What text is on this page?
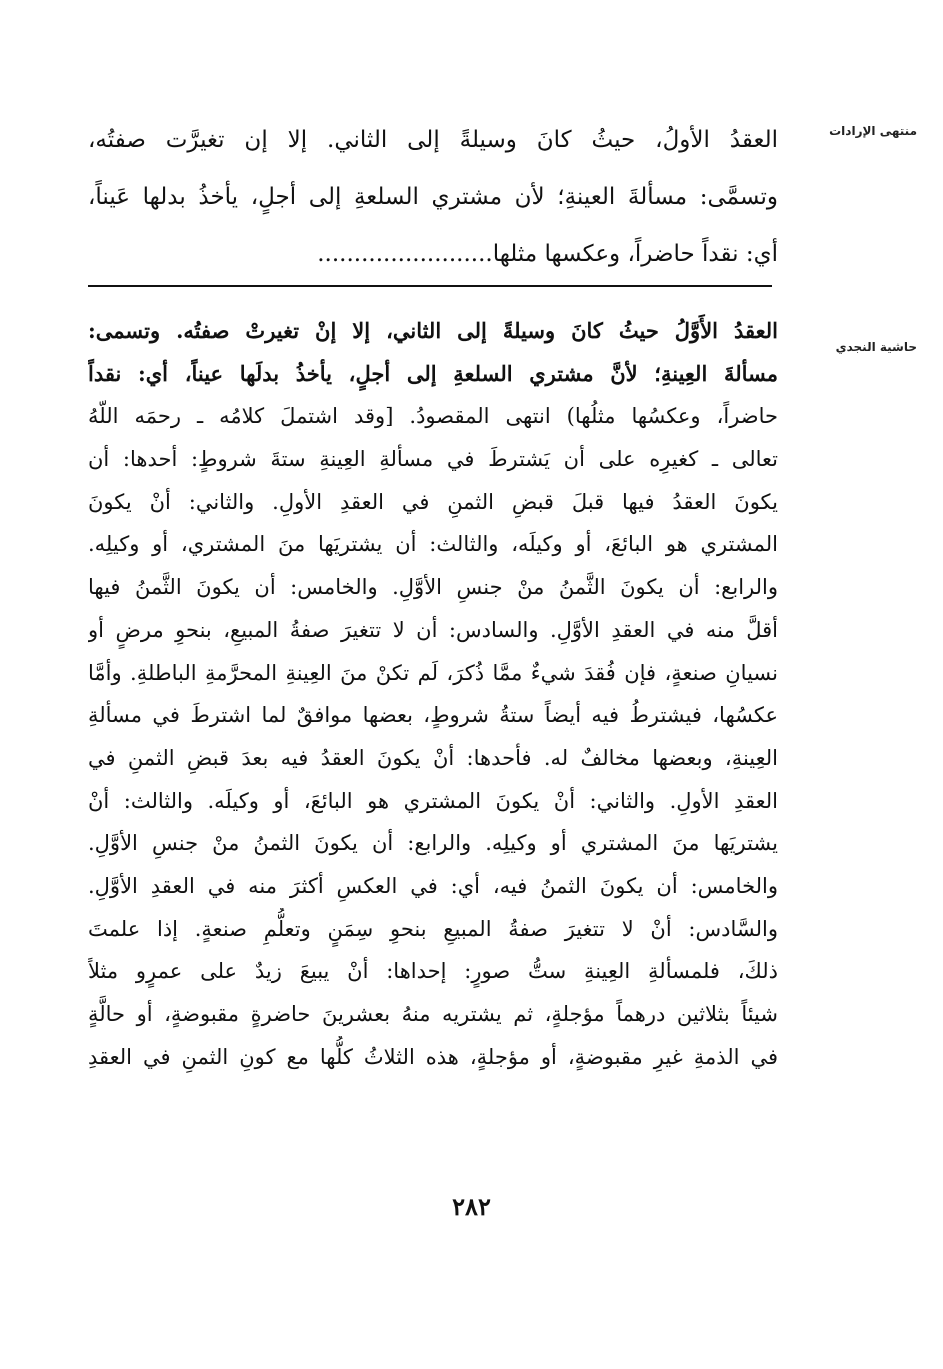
منتهى الإرادات
العقدُ الأولُ، حيثُ كانَ وسيلةً إلى الثاني. إلا إن تغيرَّت صفتُه،
وتسمَّى: مسألةَ العينةِ؛ لأن مشتري السلعةِ إلى أجلٍ، يأخذُ بدلها عَيناً،
أي: نقداً حاضراً، وعكسها مثلها........................
حاشية النجدي
العقدُ الأَوَّلُ حيثُ كانَ وسيلةً إلى الثاني، إلا إنْ تغيرتْ صفتُه. وتسمى:
مسألةَ العِينةِ؛ لأنَّ مشتري السلعةِ إلى أجلٍ، يأخذُ بدلَها عيناً، أي: نقداً
حاضراً، وعكسُها مثلُها) انتهى المقصودُ. [وقد اشتملَ كلامُه ـ رحمَه اللّهُ
تعالى ـ كغيرِه على أن يَشترطَ في مسألةِ العِينةِ ستةَ شروطٍ: أحدها: أن
يكونَ العقدُ فيها قبلَ قبضِ الثمنِ في العقدِ الأولِ. والثاني: أنْ يكونَ
المشتري هو البائعَ، أو وكيلَه، والثالث: أن يشتريَها منَ المشتري، أو وكيلِه.
والرابع: أن يكونَ الثَّمنُ منْ جنسِ الأوَّلِ. والخامس: أن يكونَ الثَّمنُ فيها
أقلَّ منه في العقدِ الأوَّلِ. والسادس: أن لا تتغيرَ صفةُ المبيعِ، بنحوِ مرضٍ أو
نسيانِ صنعةٍ، فإن فُقدَ شيءٌ ممَّا ذُكرَ، لَم تكنْ منَ العِينةِ المحرَّمةِ الباطلةِ. وأمَّا
عكسُها، فيشترطُ فيه أيضاً ستةُ شروطٍ، بعضها موافقٌ لما اشترطَ في مسألةِ
العِينةِ، وبعضها مخالفٌ له. فأحدها: أنْ يكونَ العقدُ فيه بعدَ قبضِ الثمنِ في
العقدِ الأولِ. والثاني: أنْ يكونَ المشتري هو البائعَ، أو وكيلَه. والثالث: أنْ
يشتريَها منَ المشتري أو وكيلِه. والرابع: أن يكونَ الثمنُ منْ جنسِ الأوَّلِ.
والخامس: أن يكونَ الثمنُ فيه، أي: في العكسِ أكثرَ منه في العقدِ الأوَّلِ.
والسَّادس: أنْ لا تتغيرَ صفةُ المبيعِ بنحوِ سِمَنٍ وتعلُّمِ صنعةٍ. إذا علمتَ
ذلكَ، فلمسألةِ العِينةِ ستُّ صورٍ: إحداها: أنْ يبيعَ زيدٌ على عمرٍو مثلاً
شيئاً بثلاثين درهماً مؤجلةٍ، ثم يشتريه منهُ بعشرينَ حاضرةٍ مقبوضةٍ، أو حالَّةٍ
في الذمةِ غيرِ مقبوضةٍ، أو مؤجلةٍ، هذه الثلاثُ كلُّها مع كونِ الثمنِ في العقدِ
٢٨٢
